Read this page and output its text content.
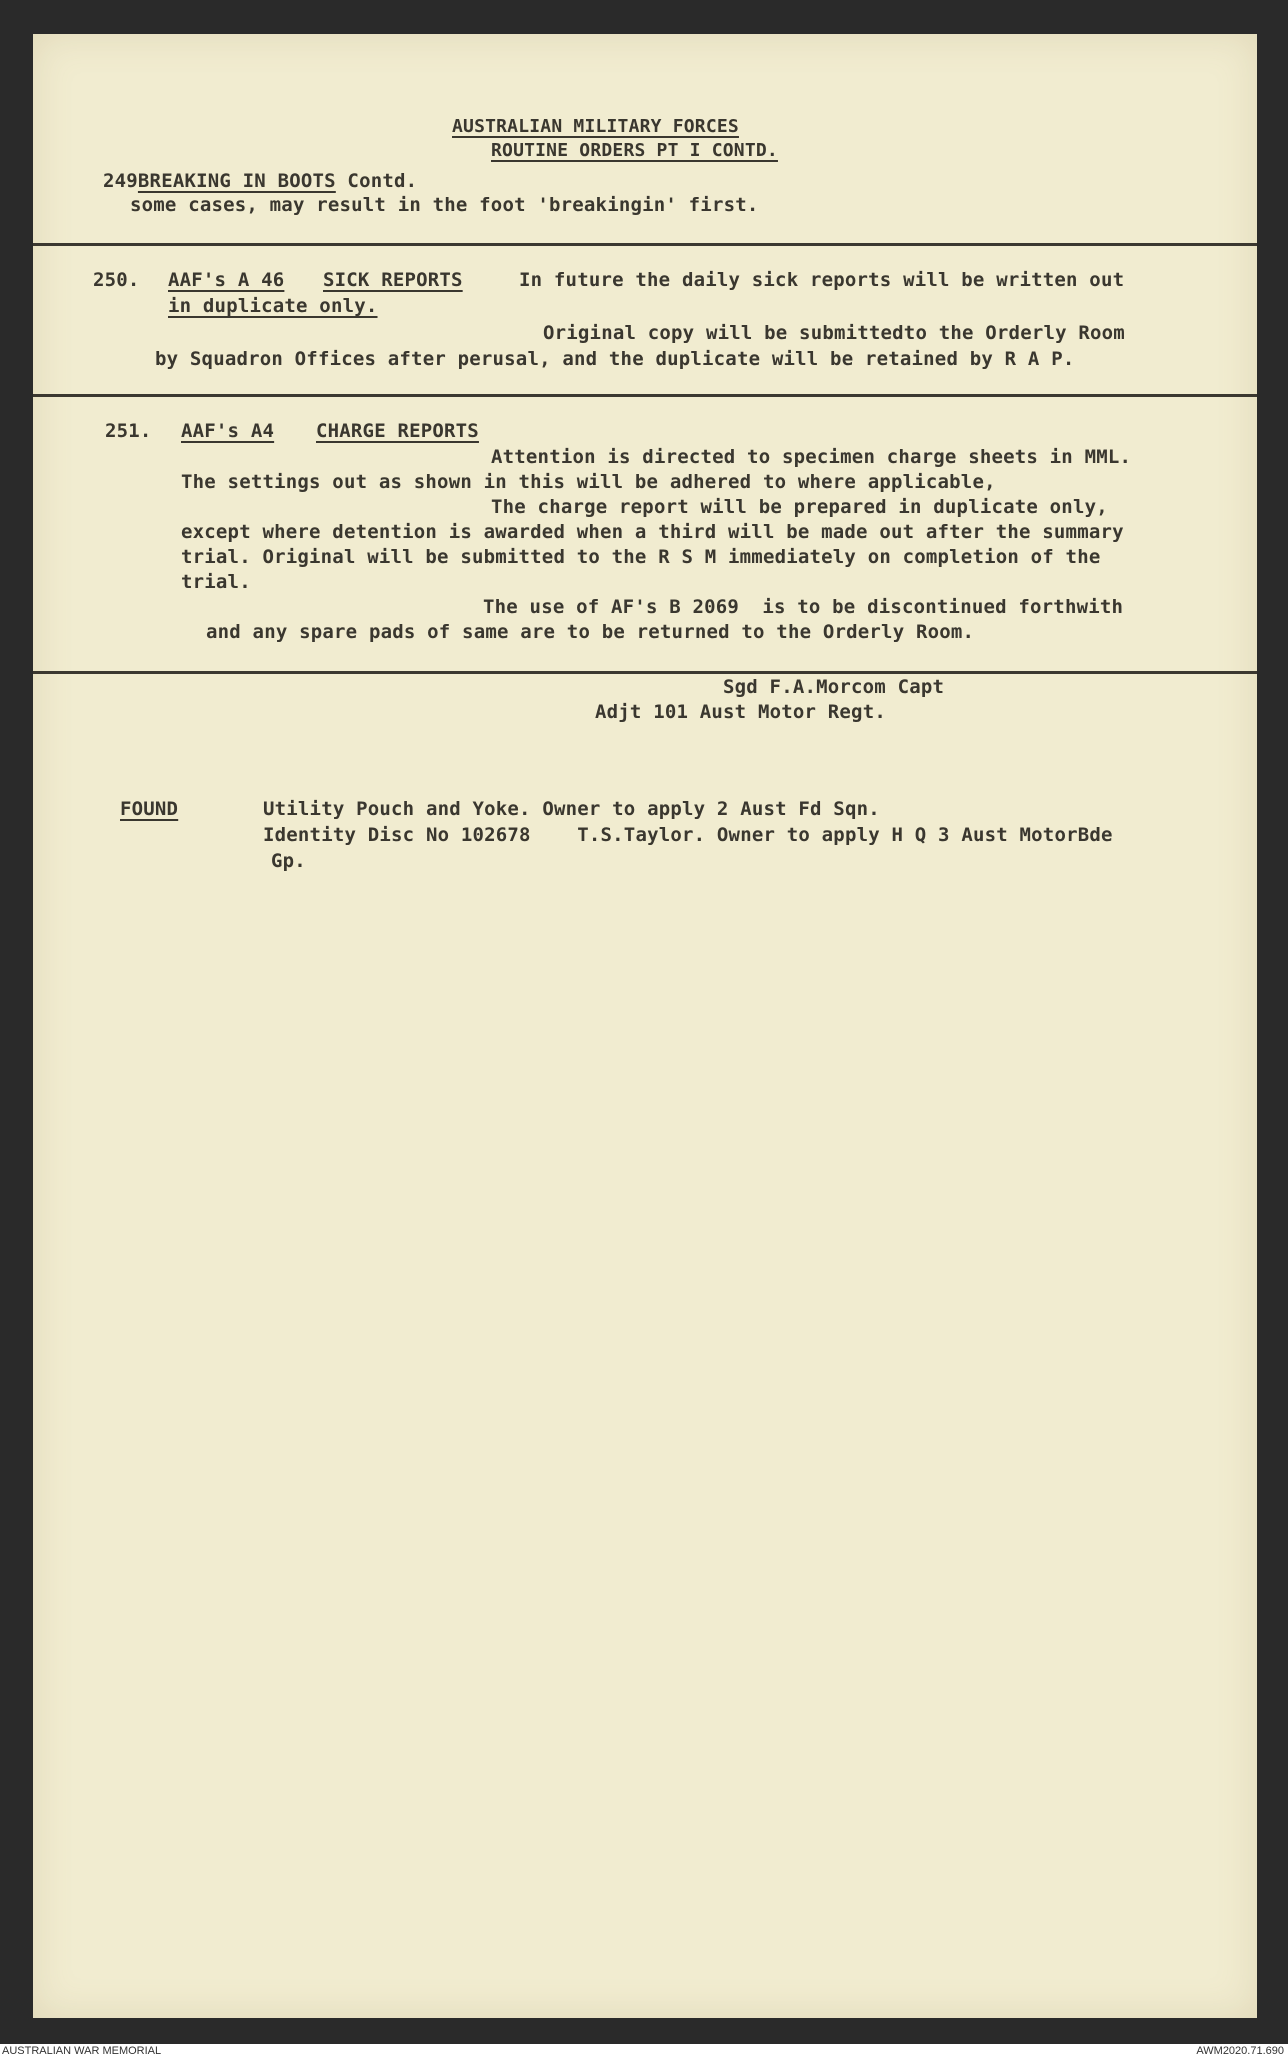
AUSTRALIAN MILITARY FORCES
ROUTINE ORDERS PT I CONTD.
249BREAKING IN BOOTS Contd.
some cases, may result in the foot 'breakingin' first.
250. AAF's A 46 SICK REPORTS	In future the daily sick reports will be written out
in duplicate only.
Original copy will be submittedto the Orderly Room
by Squadron Offices after perusal, and the duplicate will be retained by R A P.
251. AAF's A4 CHARGE REPORTS
Attention is directed to specimen charge sheets in MML.
The settings out as shown in this will be adhered to where applicable,
The charge report will be prepared in duplicate only,
except where detention is awarded when a third will be made out after the summary
trial. Original will be submitted to the R S M immediately on completion of the
trial.
The use of AF's B 2069  is to be discontinued forthwith
and any spare pads of same are to be returned to the Orderly Room.
Sgd F.A.Morcom Capt
Adjt 101 Aust Motor Regt.
FOUND	Utility Pouch and Yoke. Owner to apply 2 Aust Fd Sqn.
Identity Disc No 102678    T.S.Taylor. Owner to apply H Q 3 Aust MotorBde
Gp.
AUSTRALIAN WAR MEMORIAL	AWM2020.71.690
